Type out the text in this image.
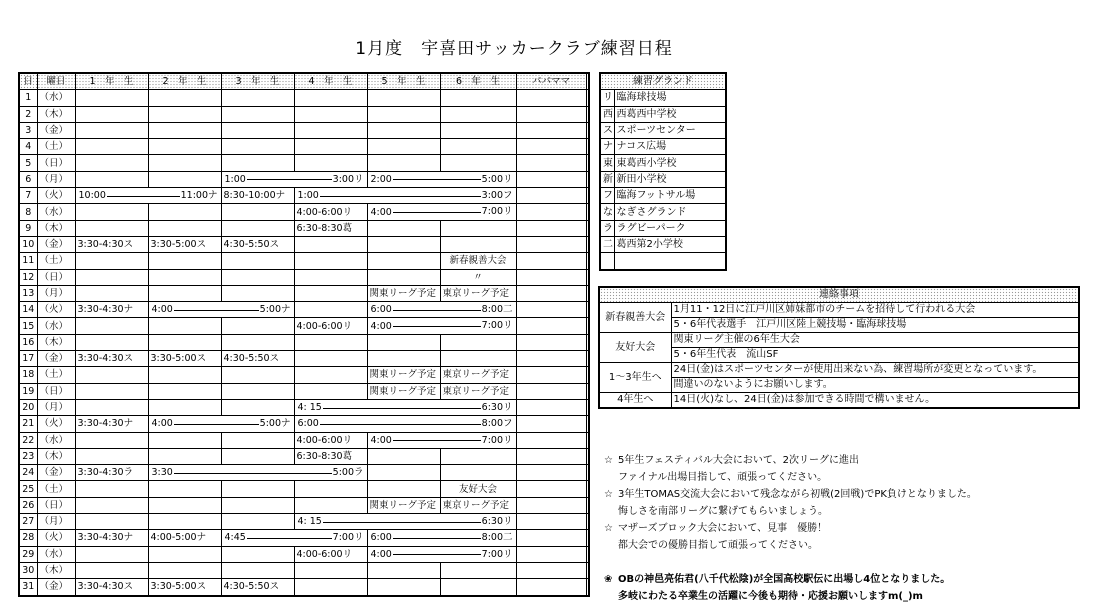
1月度　宇喜田サッカークラブ練習日程
日	曜日	1　年　生	2　年　生	3　年　生	4　年　生	5　年　生	6　年　生	パパママ	
1	（水）								
2	（木）								
3	（金）								
4	（土）								
5	（日）								
6	（月）			1:00 3:00リ		2:00 5:00リ			

7	（火）	10:00 11:00ナ		8:30-10:00ナ	1:00 3:00フ				

8	（水）				4:00-6:00リ	4:00 7:00リ			

9	（木）				6:30-8:30葛				
10	（金）	3:30-4:30ス	3:30-5:00ス	4:30-5:50ス					
11	（土）						新春親善大会		
12	（日）						〃		
13	（月）					関東リーグ予定	東京リーグ予定		
14	（火）	3:30-4:30ナ	4:00 5:00ナ			6:00 8:00二			

15	（水）				4:00-6:00リ	4:00 7:00リ			

16	（木）								
17	（金）	3:30-4:30ス	3:30-5:00ス	4:30-5:50ス					
18	（土）					関東リーグ予定	東京リーグ予定		
19	（日）					関東リーグ予定	東京リーグ予定		
20	（月）				4: 15 6:30リ				

21	（火）	3:30-4:30ナ	4:00 5:00ナ		6:00 8:00フ				

22	（水）				4:00-6:00リ	4:00 7:00リ			

23	（木）				6:30-8:30葛				
24	（金）	3:30-4:30ラ	3:30 5:00ラ						

25	（土）						友好大会		
26	（日）					関東リーグ予定	東京リーグ予定		
27	（月）				4: 15 6:30リ				

28	（火）	3:30-4:30ナ	4:00-5:00ナ	4:45 7:00リ		6:00 8:00二			

29	（水）				4:00-6:00リ	4:00 7:00リ			

30	（木）								
31	（金）	3:30-4:30ス	3:30-5:00ス	4:30-5:50ス					
練習グランド	
リ	臨海球技場
西	西葛西中学校
ス	スポーツセンター
ナ	ナコス広場
東	東葛西小学校
新	新田小学校
フ	臨海フットサル場
な	なぎさグランド
ラ	ラグビーパーク
二	葛西第2小学校

連絡事項	
新春親善大会	1月11・12日に江戸川区姉妹都市のチームを招待して行われる大会
	5・6年代表選手　江戸川区陸上競技場・臨海球技場
友好大会	関東リーグ主催の6年生大会
	5・6年生代表　流山SF
1〜3年生へ	24日(金)はスポーツセンターが使用出来ない為、練習場所が変更となっています。
	間違いのないようにお願いします。
4年生へ	14日(火)なし、24日(金)は参加できる時間で構いません。
☆ 5年生フェスティバル大会において、2次リーグに進出
ファイナル出場目指して、頑張ってください。
☆ 3年生TOMAS交流大会において残念ながら初戦(2回戦)でPK負けとなりました。
悔しさを南部リーグに繋げてもらいましょう。
☆ マザーズブロック大会において、見事　優勝！
都大会での優勝目指して頑張ってください。

❀ OBの神邑亮佑君(八千代松陰)が全国高校駅伝に出場し4位となりました。
多岐にわたる卒業生の活躍に今後も期待・応援お願いしますm(_)m
